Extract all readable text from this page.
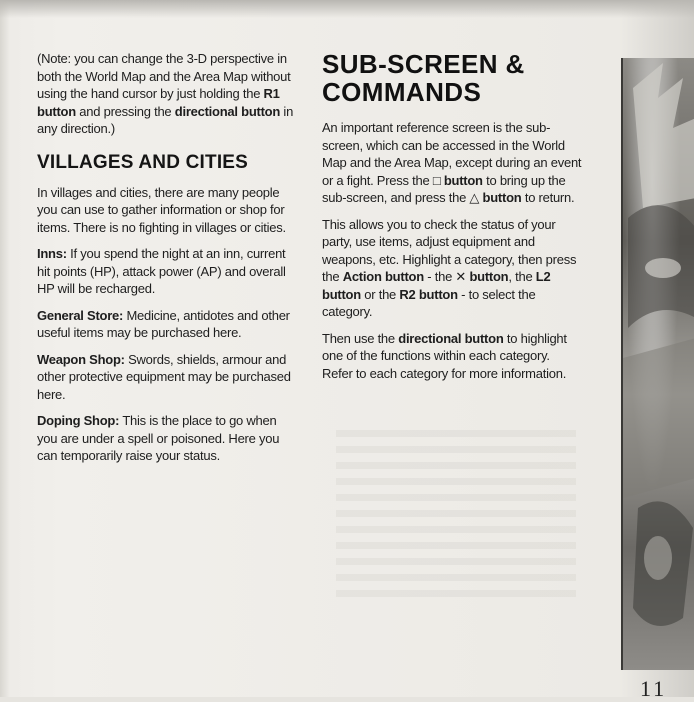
(Note: you can change the 3-D perspective in both the World Map and the Area Map without using the hand cursor by just holding the R1 button and pressing the directional button in any direction.)

VILLAGES AND CITIES

In villages and cities, there are many people you can use to gather information or shop for items. There is no fighting in villages or cities.

Inns: If you spend the night at an inn, current hit points (HP), attack power (AP) and overall HP will be recharged.

General Store: Medicine, antidotes and other useful items may be purchased here.

Weapon Shop: Swords, shields, armour and other protective equipment may be purchased here.

Doping Shop: This is the place to go when you are under a spell or poisoned. Here you can temporarily raise your status.

SUB-SCREEN &
COMMANDS

An important reference screen is the sub-screen, which can be accessed in the World Map and the Area Map, except during an event or a fight. Press the □ button to bring up the sub-screen, and press the △ button to return.

This allows you to check the status of your party, use items, adjust equipment and weapons, etc. Highlight a category, then press the Action button - the ✕ button, the L2 button or the R2 button - to select the category.

Then use the directional button to highlight one of the functions within each category. Refer to each category for more information.

11
